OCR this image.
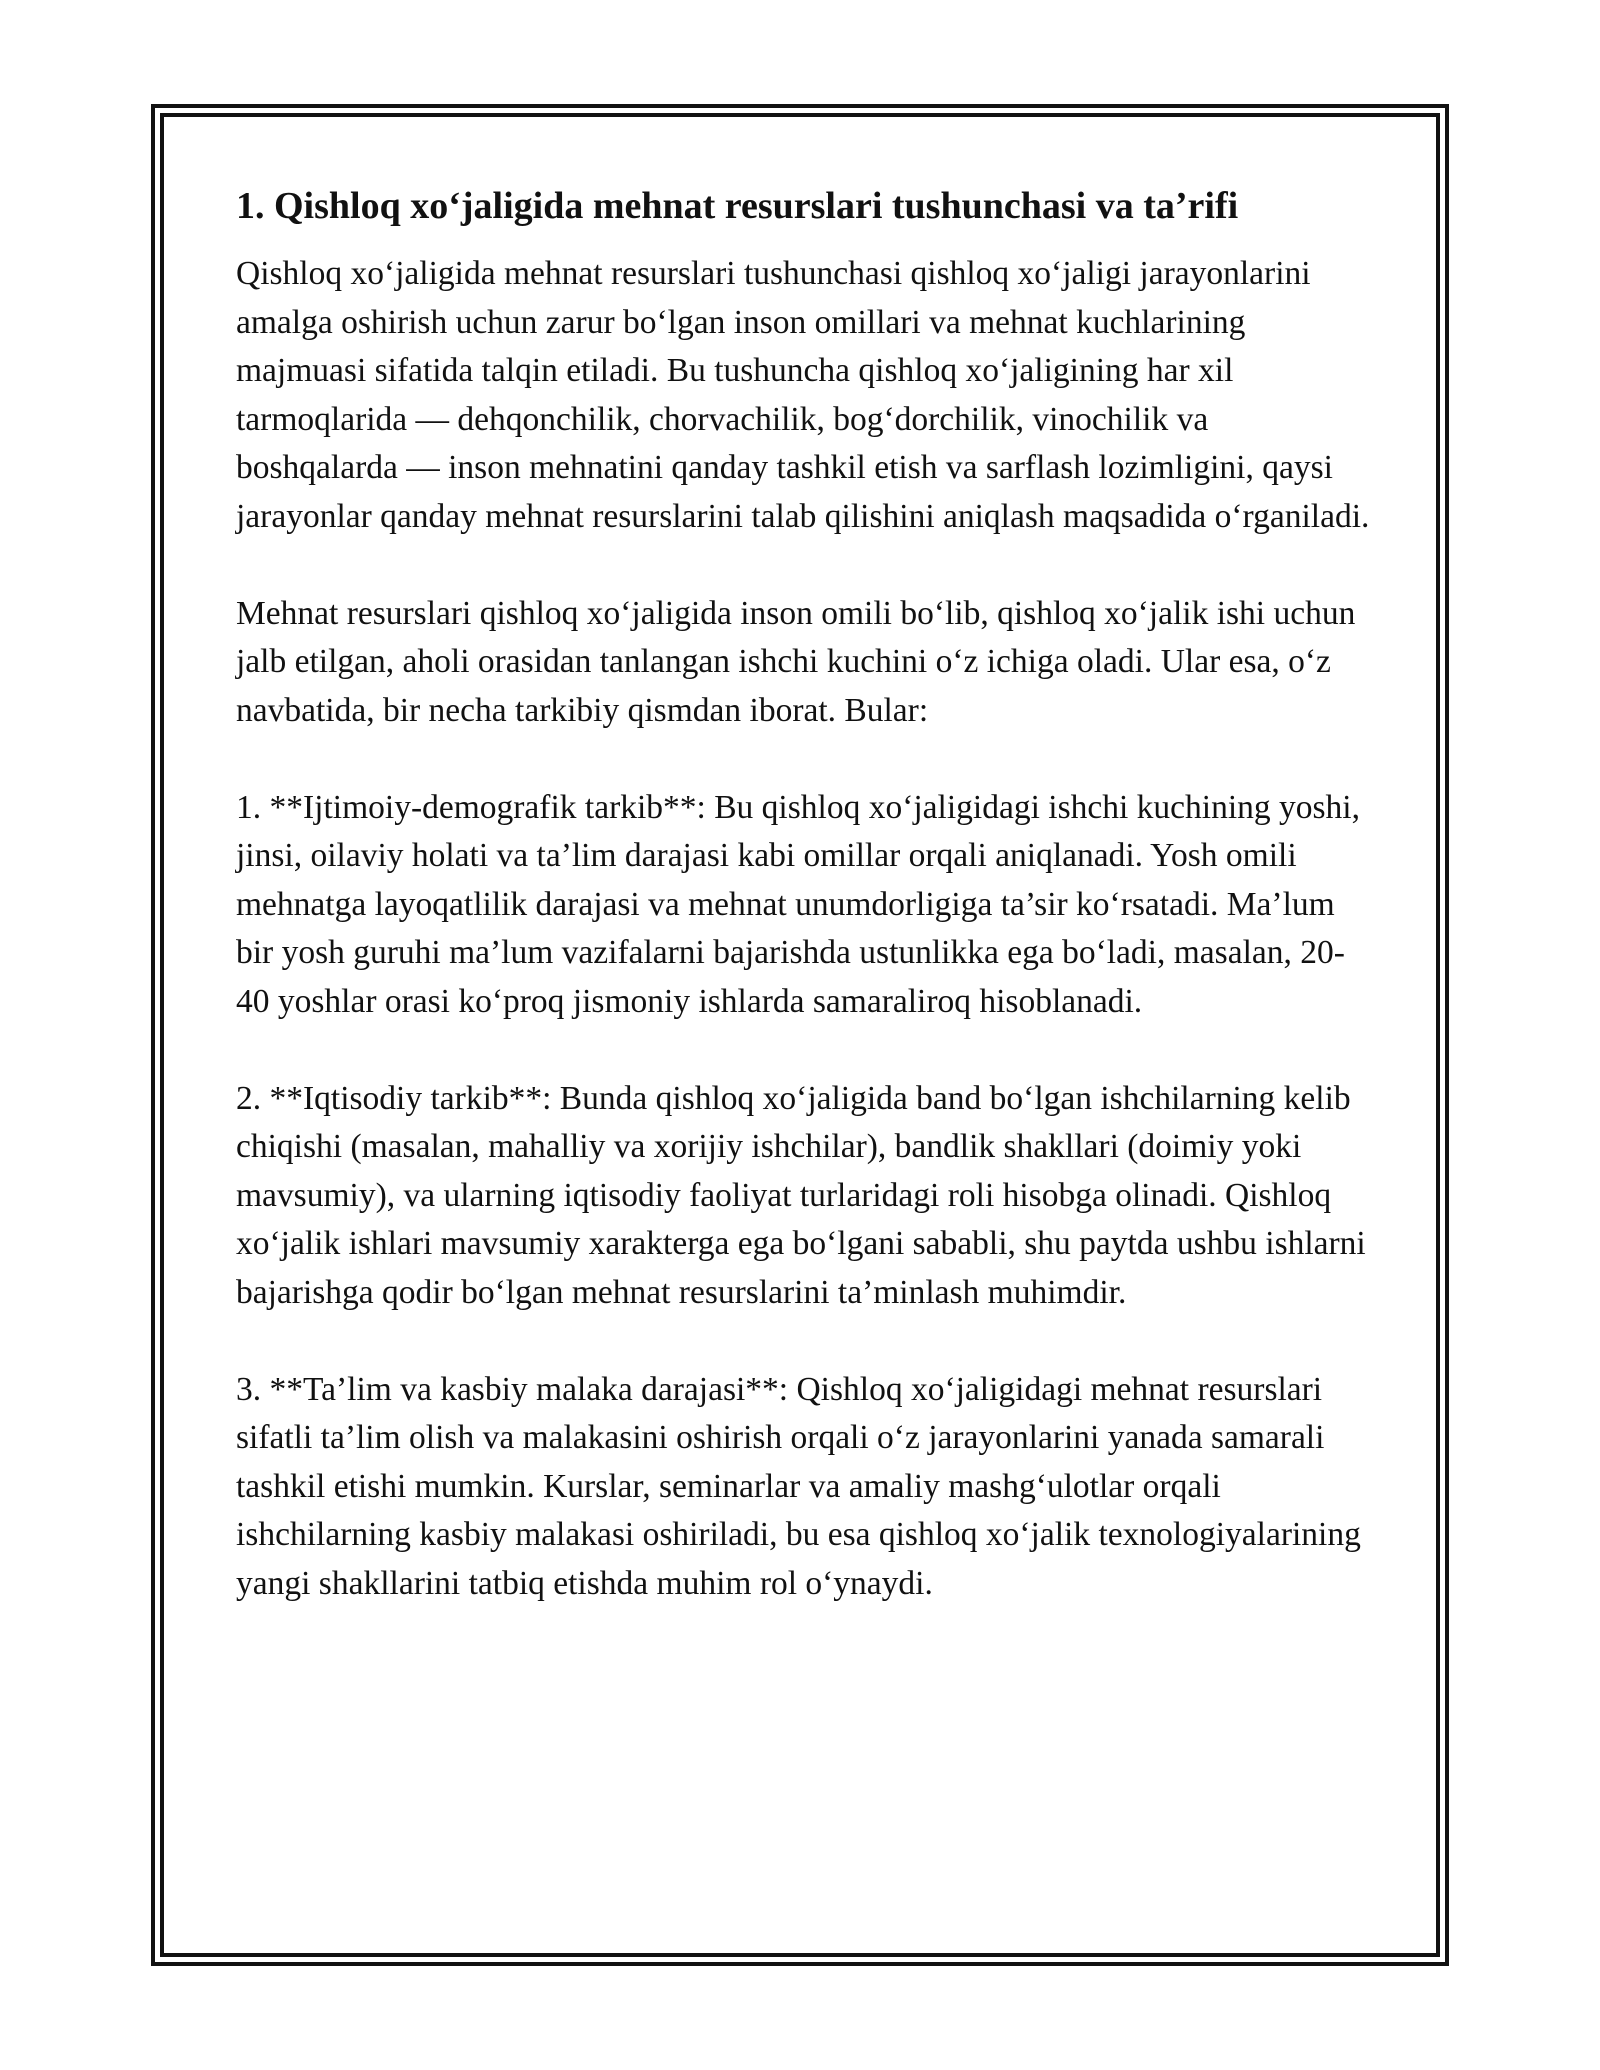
1. Qishloq xo‘jaligida mehnat resurslari tushunchasi va ta’rifi

Qishloq xo‘jaligida mehnat resurslari tushunchasi qishloq xo‘jaligi jarayonlarini amalga oshirish uchun zarur bo‘lgan inson omillari va mehnat kuchlarining majmuasi sifatida talqin etiladi. Bu tushuncha qishloq xo‘jaligining har xil tarmoqlarida — dehqonchilik, chorvachilik, bog‘dorchilik, vinochilik va boshqalarda — inson mehnatini qanday tashkil etish va sarflash lozimligini, qaysi jarayonlar qanday mehnat resurslarini talab qilishini aniqlash maqsadida o‘rganiladi.

Mehnat resurslari qishloq xo‘jaligida inson omili bo‘lib, qishloq xo‘jalik ishi uchun jalb etilgan, aholi orasidan tanlangan ishchi kuchini o‘z ichiga oladi. Ular esa, o‘z navbatida, bir necha tarkibiy qismdan iborat. Bular:

1. **Ijtimoiy-demografik tarkib**: Bu qishloq xo‘jaligidagi ishchi kuchining yoshi, jinsi, oilaviy holati va ta’lim darajasi kabi omillar orqali aniqlanadi. Yosh omili mehnatga layoqatlilik darajasi va mehnat unumdorligiga ta’sir ko‘rsatadi. Ma’lum bir yosh guruhi ma’lum vazifalarni bajarishda ustunlikka ega bo‘ladi, masalan, 20-40 yoshlar orasi ko‘proq jismoniy ishlarda samaraliroq hisoblanadi.

2. **Iqtisodiy tarkib**: Bunda qishloq xo‘jaligida band bo‘lgan ishchilarning kelib chiqishi (masalan, mahalliy va xorijiy ishchilar), bandlik shakllari (doimiy yoki mavsumiy), va ularning iqtisodiy faoliyat turlaridagi roli hisobga olinadi. Qishloq xo‘jalik ishlari mavsumiy xarakterga ega bo‘lgani sababli, shu paytda ushbu ishlarni bajarishga qodir bo‘lgan mehnat resurslarini ta’minlash muhimdir.

3. **Ta’lim va kasbiy malaka darajasi**: Qishloq xo‘jaligidagi mehnat resurslari sifatli ta’lim olish va malakasini oshirish orqali o‘z jarayonlarini yanada samarali tashkil etishi mumkin. Kurslar, seminarlar va amaliy mashg‘ulotlar orqali ishchilarning kasbiy malakasi oshiriladi, bu esa qishloq xo‘jalik texnologiyalarining yangi shakllarini tatbiq etishda muhim rol o‘ynaydi.
